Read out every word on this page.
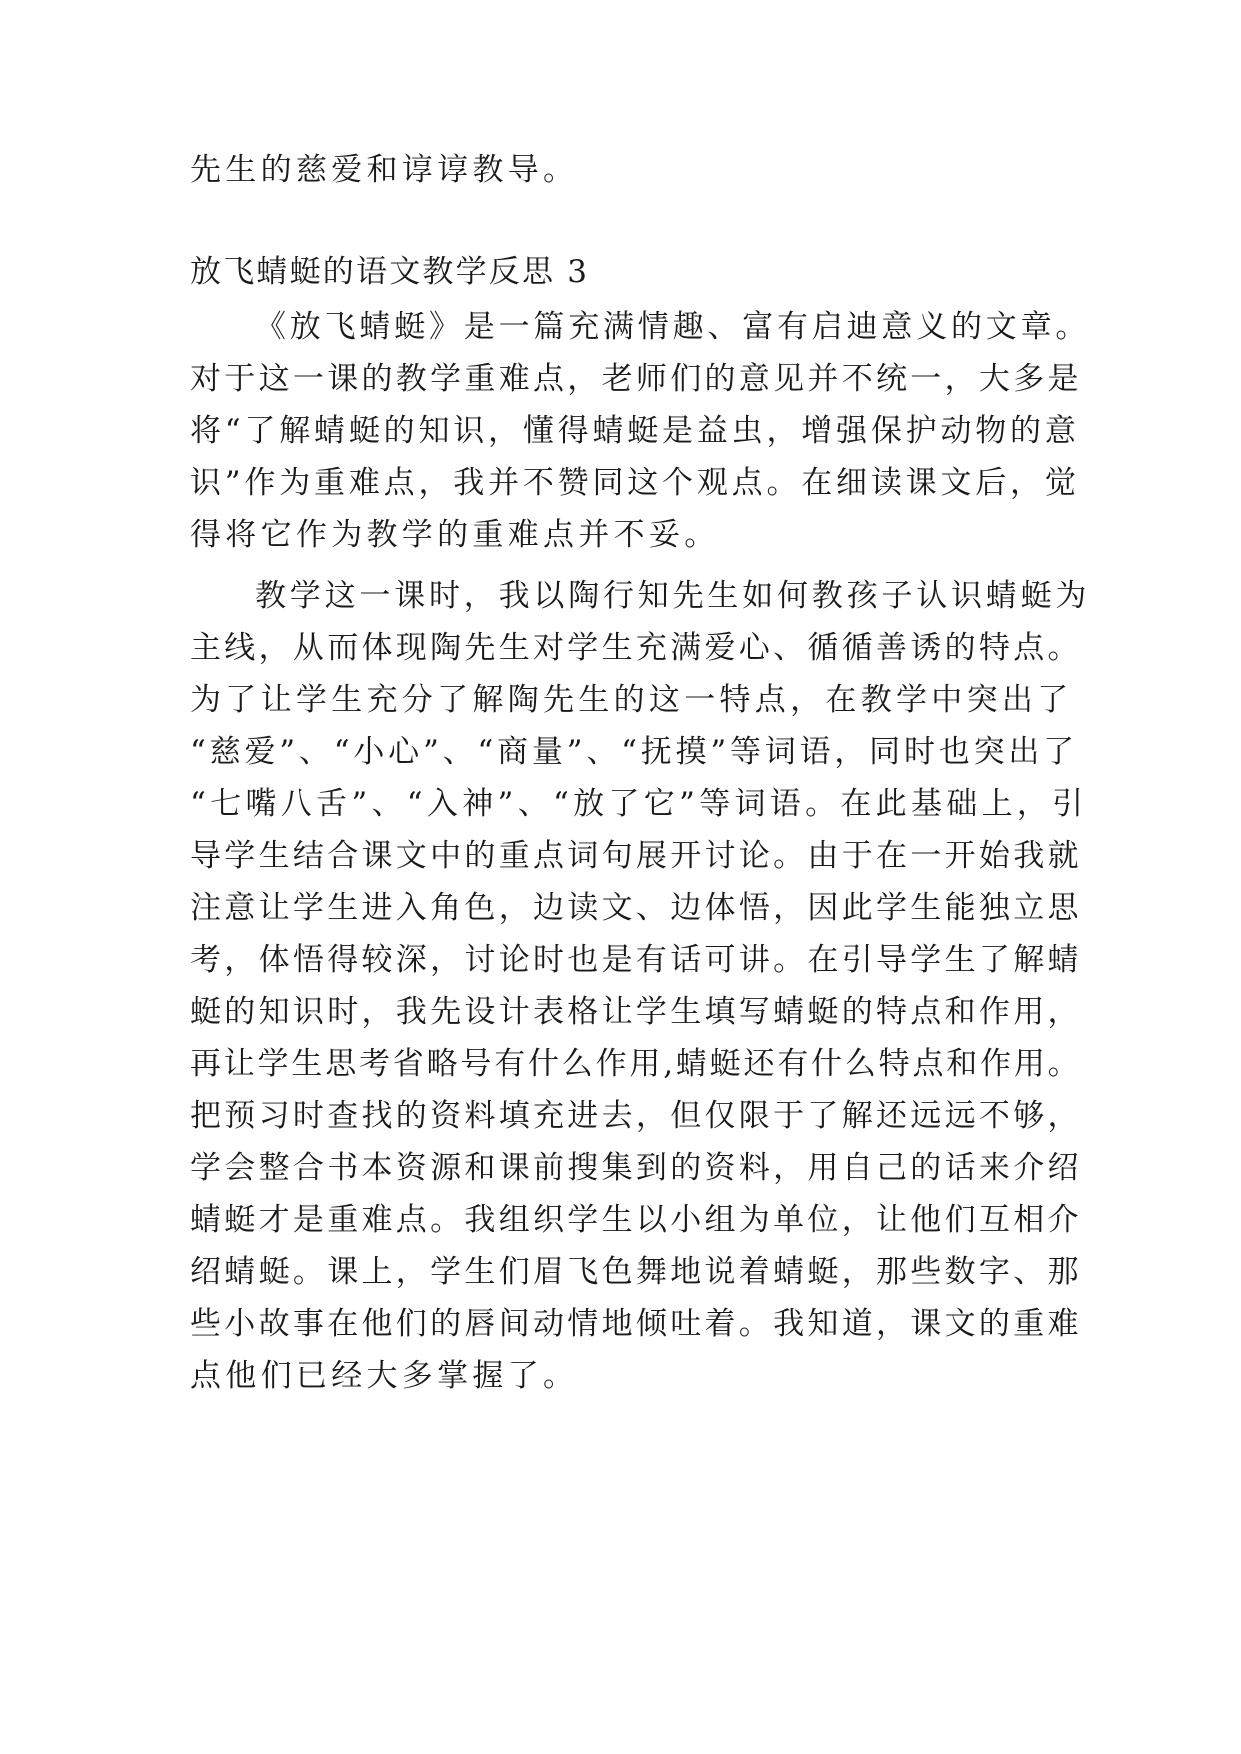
先生的慈爱和谆谆教导。
放飞蜻蜓的语文教学反思 3
《放飞蜻蜓》是一篇充满情趣、富有启迪意义的文章。
对于这一课的教学重难点，老师们的意见并不统一，大多是
将“了解蜻蜓的知识，懂得蜻蜓是益虫，增强保护动物的意
识”作为重难点，我并不赞同这个观点。在细读课文后，觉
得将它作为教学的重难点并不妥。
教学这一课时，我以陶行知先生如何教孩子认识蜻蜓为
主线，从而体现陶先生对学生充满爱心、循循善诱的特点。
为了让学生充分了解陶先生的这一特点，在教学中突出了
“慈爱”、“小心”、“商量”、“抚摸”等词语，同时也突出了
“七嘴八舌”、“入神”、“放了它”等词语。在此基础上，引
导学生结合课文中的重点词句展开讨论。由于在一开始我就
注意让学生进入角色，边读文、边体悟，因此学生能独立思
考，体悟得较深，讨论时也是有话可讲。在引导学生了解蜻
蜓的知识时，我先设计表格让学生填写蜻蜓的特点和作用，
再让学生思考省略号有什么作用,蜻蜓还有什么特点和作用。
把预习时查找的资料填充进去，但仅限于了解还远远不够，
学会整合书本资源和课前搜集到的资料，用自己的话来介绍
蜻蜓才是重难点。我组织学生以小组为单位，让他们互相介
绍蜻蜓。课上，学生们眉飞色舞地说着蜻蜓，那些数字、那
些小故事在他们的唇间动情地倾吐着。我知道，课文的重难
点他们已经大多掌握了。
